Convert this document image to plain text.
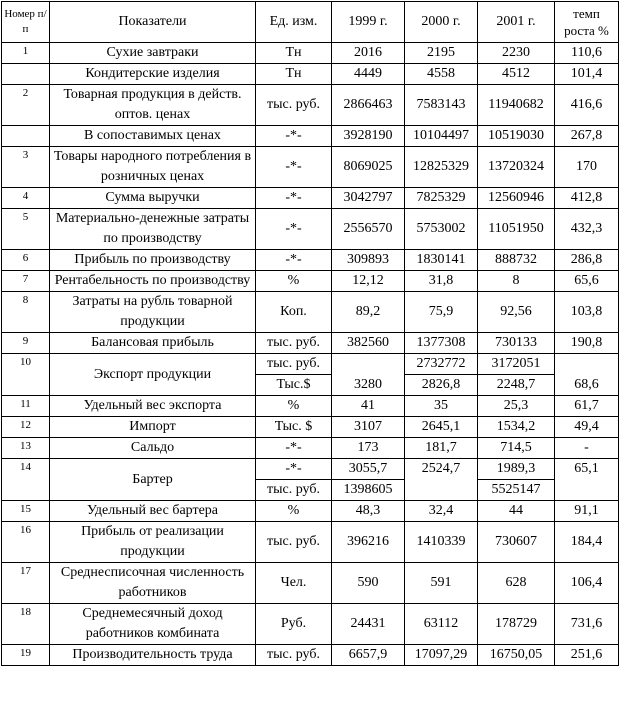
Номер п/п	Показатели	Ед. изм.	1999 г.	2000 г.	2001 г.	темп роста %
1	Сухие завтраки	Тн	2016	2195	2230	110,6
	Кондитерские изделия	Тн	4449	4558	4512	101,4
2	Товарная продукция в действ. оптов. ценах	тыс. руб.	2866463	7583143	11940682	416,6
	В сопоставимых ценах	-*-	3928190	10104497	10519030	267,8
3	Товары народного потребления в розничных ценах	-*-	8069025	12825329	13720324	170
4	Сумма выручки	-*-	3042797	7825329	12560946	412,8
5	Материально-денежные затраты по производству	-*-	2556570	5753002	11051950	432,3
6	Прибыль по производству	-*-	309893	1830141	888732	286,8
7	Рентабельность по производству	%	12,12	31,8	8	65,6
8	Затраты на рубль товарной продукции	Коп.	89,2	75,9	92,56	103,8
9	Балансовая прибыль	тыс. руб.	382560	1377308	730133	190,8
10	Экспорт продукции	тыс. руб.		2732772	3172051	
		Тыс.$	3280	2826,8	2248,7	68,6
11	Удельный вес экспорта	%	41	35	25,3	61,7
12	Импорт	Тыс. $	3107	2645,1	1534,2	49,4
13	Сальдо	-*-	173	181,7	714,5	-
14	Бартер	-*-	3055,7	2524,7	1989,3	65,1
		тыс. руб.	1398605		5525147	
15	Удельный вес бартера	%	48,3	32,4	44	91,1
16	Прибыль от реализации продукции	тыс. руб.	396216	1410339	730607	184,4
17	Среднесписочная численность работников	Чел.	590	591	628	106,4
18	Среднемесячный доход работников комбината	Руб.	24431	63112	178729	731,6
19	Производительность труда	тыс. руб.	6657,9	17097,29	16750,05	251,6
